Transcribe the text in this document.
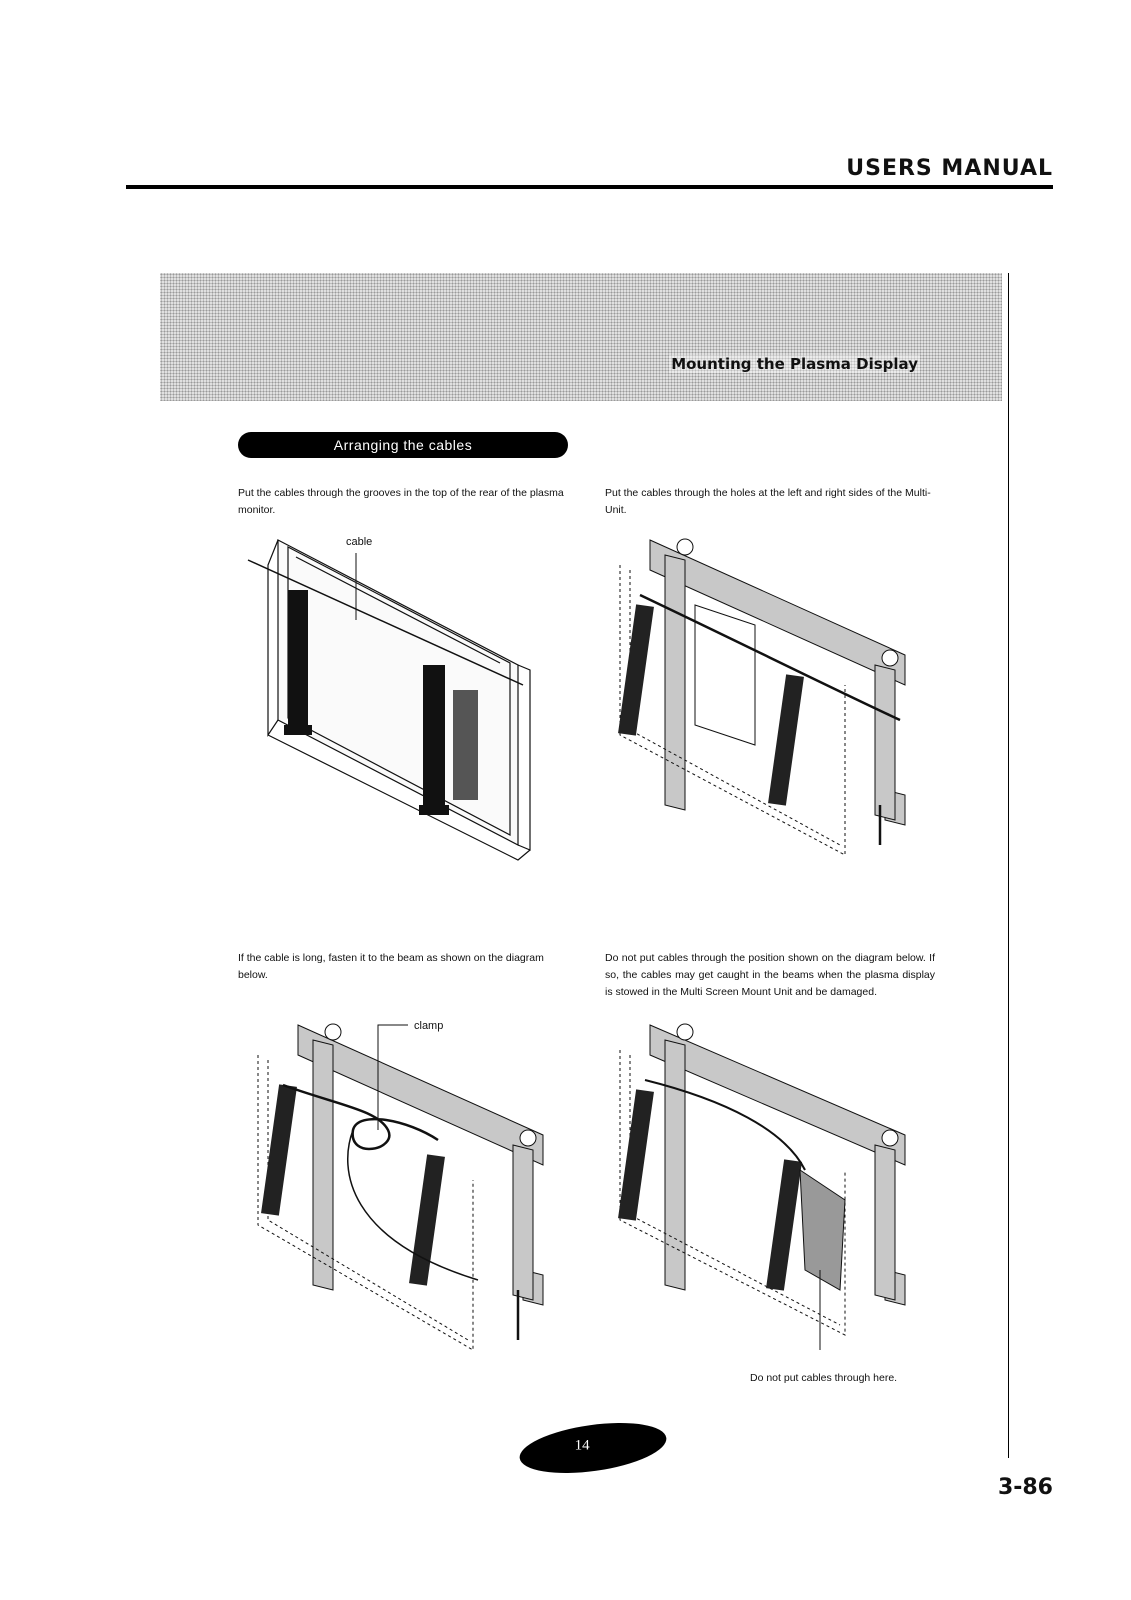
USERS MANUAL
Mounting the Plasma Display
Arranging the cables
Put the cables through the grooves in the top of the rear of the plasma monitor.
Put the cables through the holes at the left and right sides of the Multi-Unit.
cable
If the cable is long, fasten it to the beam as shown on the diagram below.
Do not put cables through the position shown on the diagram below. If so, the cables may get caught in the beams when the plasma display is stowed in the Multi Screen Mount Unit and be damaged.
clamp
Do not put cables through here.
14
3-86
